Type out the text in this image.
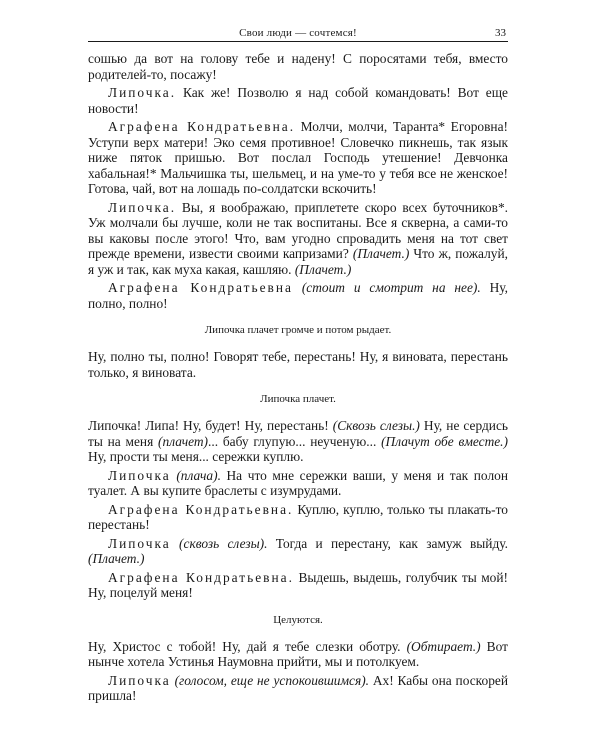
Свои люди — сочтемся!	33
сошью да вот на голову тебе и надену! С поросятами тебя, вместо родителей-то, посажу!
Липочка. Как же! Позволю я над собой командовать! Вот еще новости!
Аграфена Кондратьевна. Молчи, молчи, Таранта* Егоровна! Уступи верх матери! Эко семя противное! Словечко пикнешь, так язык ниже пяток пришью. Вот послал Господь утешение! Девчонка хабальная!* Мальчишка ты, шельмец, и на уме-то у тебя все не женское! Готова, чай, вот на лошадь по-солдатски вскочить!
Липочка. Вы, я воображаю, приплетете скоро всех буточников*. Уж молчали бы лучше, коли не так воспитаны. Все я скверна, а сами-то вы каковы после этого! Что, вам угодно спровадить меня на тот свет прежде времени, извести своими капризами? (Плачет.) Что ж, пожалуй, я уж и так, как муха какая, кашляю. (Плачет.)
Аграфена Кондратьевна (стоит и смотрит на нее). Ну, полно, полно!
Липочка плачет громче и потом рыдает.
Ну, полно ты, полно! Говорят тебе, перестань! Ну, я виновата, перестань только, я виновата.
Липочка плачет.
Липочка! Липа! Ну, будет! Ну, перестань! (Сквозь слезы.) Ну, не сердись ты на меня (плачет)... бабу глупую... неученую... (Плачут обе вместе.) Ну, прости ты меня... сережки куплю.
Липочка (плача). На что мне сережки ваши, у меня и так полон туалет. А вы купите браслеты с изумрудами.
Аграфена Кондратьевна. Куплю, куплю, только ты плакать-то перестань!
Липочка (сквозь слезы). Тогда и перестану, как замуж выйду. (Плачет.)
Аграфена Кондратьевна. Выдешь, выдешь, голубчик ты мой! Ну, поцелуй меня!
Целуются.
Ну, Христос с тобой! Ну, дай я тебе слезки оботру. (Обтирает.) Вот нынче хотела Устинья Наумовна прийти, мы и потолкуем.
Липочка (голосом, еще не успокоившимся). Ах! Кабы она поскорей пришла!
